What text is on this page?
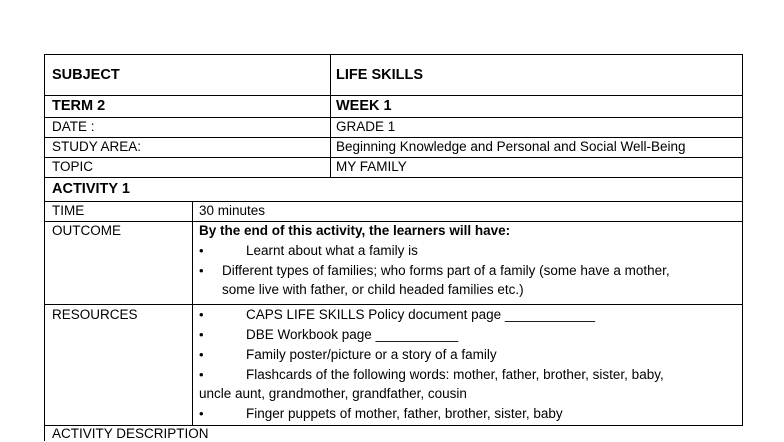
SUBJECT	LIFE SKILLS
TERM 2	WEEK 1
DATE :	GRADE 1
STUDY AREA:	Beginning Knowledge and Personal and Social Well-Being
TOPIC	MY FAMILY
ACTIVITY 1
TIME	30 minutes
OUTCOME	By the end of this activity, the learners will have:
•	Learnt about what a family is
• Different types of families; who forms part of a family (some have a mother,
some live with father, or child headed families etc.)
RESOURCES	•	CAPS LIFE SKILLS Policy document page ____________
•	DBE Workbook page ___________
•	Family poster/picture or a story of a family
•	Flashcards of the following words: mother, father, brother, sister, baby,
uncle aunt, grandmother, grandfather, cousin
•	Finger puppets of mother, father, brother, sister, baby
ACTIVITY DESCRIPTION
